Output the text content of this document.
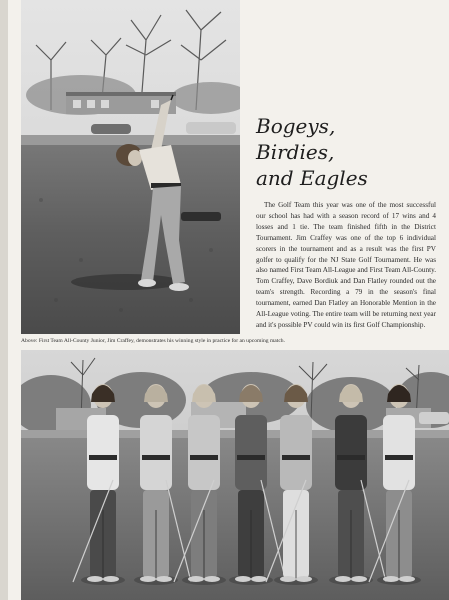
Bogeys,
Birdies,
and Eagles

The Golf Team this year was one of the most successful our school has had with a season record of 17 wins and 4 losses and 1 tie. The team finished fifth in the District Tournament. Jim Craffey was one of the top 6 individual scorers in the tournament and as a result was the first PV golfer to qualify for the NJ State Golf Tournament. He was also named First Team All-League and First Team All-County. Tom Craffey, Dave Bordiuk and Dan Flatley rounded out the team's strength. Recording a 79 in the season's final tournament, earned Dan Flatley an Honorable Mention in the All-League voting. The entire team will be returning next year and it's possible PV could win its first Golf Championship.

Above: First Team All-County Junior, Jim Craffey, demonstrates his winning style in practice for an upcoming match.
